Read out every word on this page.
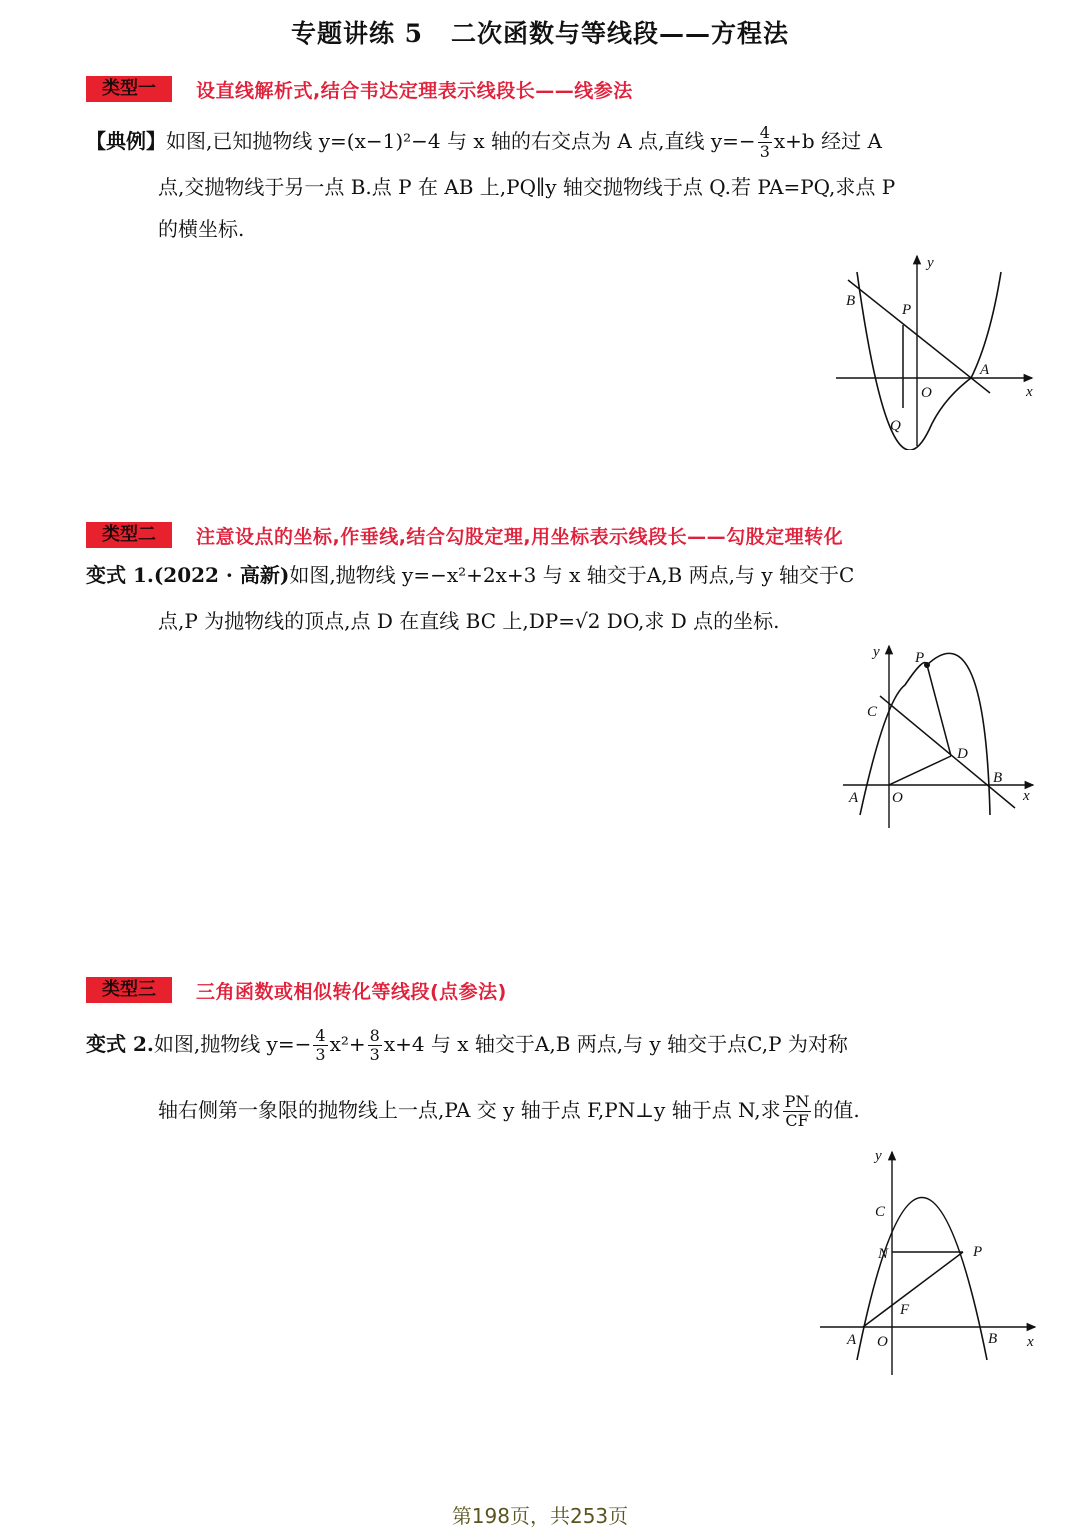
专题讲练 5 二次函数与等线段——方程法
类型一	设直线解析式,结合韦达定理表示线段长——线参法
【典例】如图,已知抛物线 y=(x−1)²−4 与 x 轴的右交点为 A 点,直线 $y=- \frac{4}{3} x+b$ 经过 A
点,交抛物线于另一点 B.点 P 在 AB 上,PQ∥y 轴交抛物线于点 Q.若 PA=PQ,求点 P
的横坐标.
y
x
B
P
A
O
Q
类型二	注意设点的坐标,作垂线,结合勾股定理,用坐标表示线段长——勾股定理转化
变式 1.(2022 · 高新)如图,抛物线 y=−x²+2x+3 与 x 轴交于A,B 两点,与 y 轴交于C
点,P 为抛物线的顶点,点 D 在直线 BC 上,DP=√2 DO,求 D 点的坐标.
y P
C
D
B
A O	x
类型三	三角函数或相似转化等线段(点参法)
变式 2.如图,抛物线 $y=- \frac{4}{3} x^2+ \frac{8}{3} x+4$ 与 x 轴交于A,B 两点,与 y 轴交于点C,P 为对称
轴右侧第一象限的抛物线上一点,PA 交 y 轴于点 F,PN⊥y 轴于点 N,求 $\frac{PN}{CF}$ 的值.
y
C
N	P
F
A O	B x
第198页，共253页
